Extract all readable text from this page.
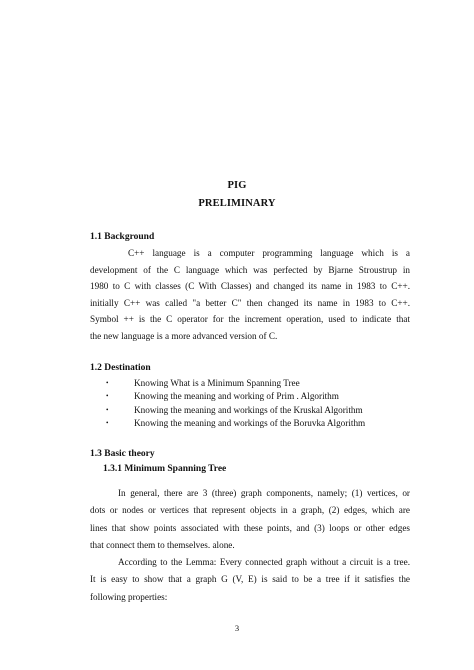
PIG
PRELIMINARY
1.1 Background
C++ language is a computer programming language which is a
development of the C language which was perfected by Bjarne Stroustrup in
1980 to C with classes (C With Classes) and changed its name in 1983 to C++.
initially C++ was called "a better C" then changed its name in 1983 to C++.
Symbol ++ is the C operator for the increment operation, used to indicate that
the new language is a more advanced version of C.
1.2 Destination
•	Knowing What is a Minimum Spanning Tree
•	Knowing the meaning and working of Prim . Algorithm
•	Knowing the meaning and workings of the Kruskal Algorithm
•	Knowing the meaning and workings of the Boruvka Algorithm
1.3 Basic theory
1.3.1 Minimum Spanning Tree
In general, there are 3 (three) graph components, namely; (1) vertices, or
dots or nodes or vertices that represent objects in a graph, (2) edges, which are
lines that show points associated with these points, and (3) loops or other edges
that connect them to themselves. alone.
According to the Lemma: Every connected graph without a circuit is a tree.
It is easy to show that a graph G (V, E) is said to be a tree if it satisfies the
following properties:
3
